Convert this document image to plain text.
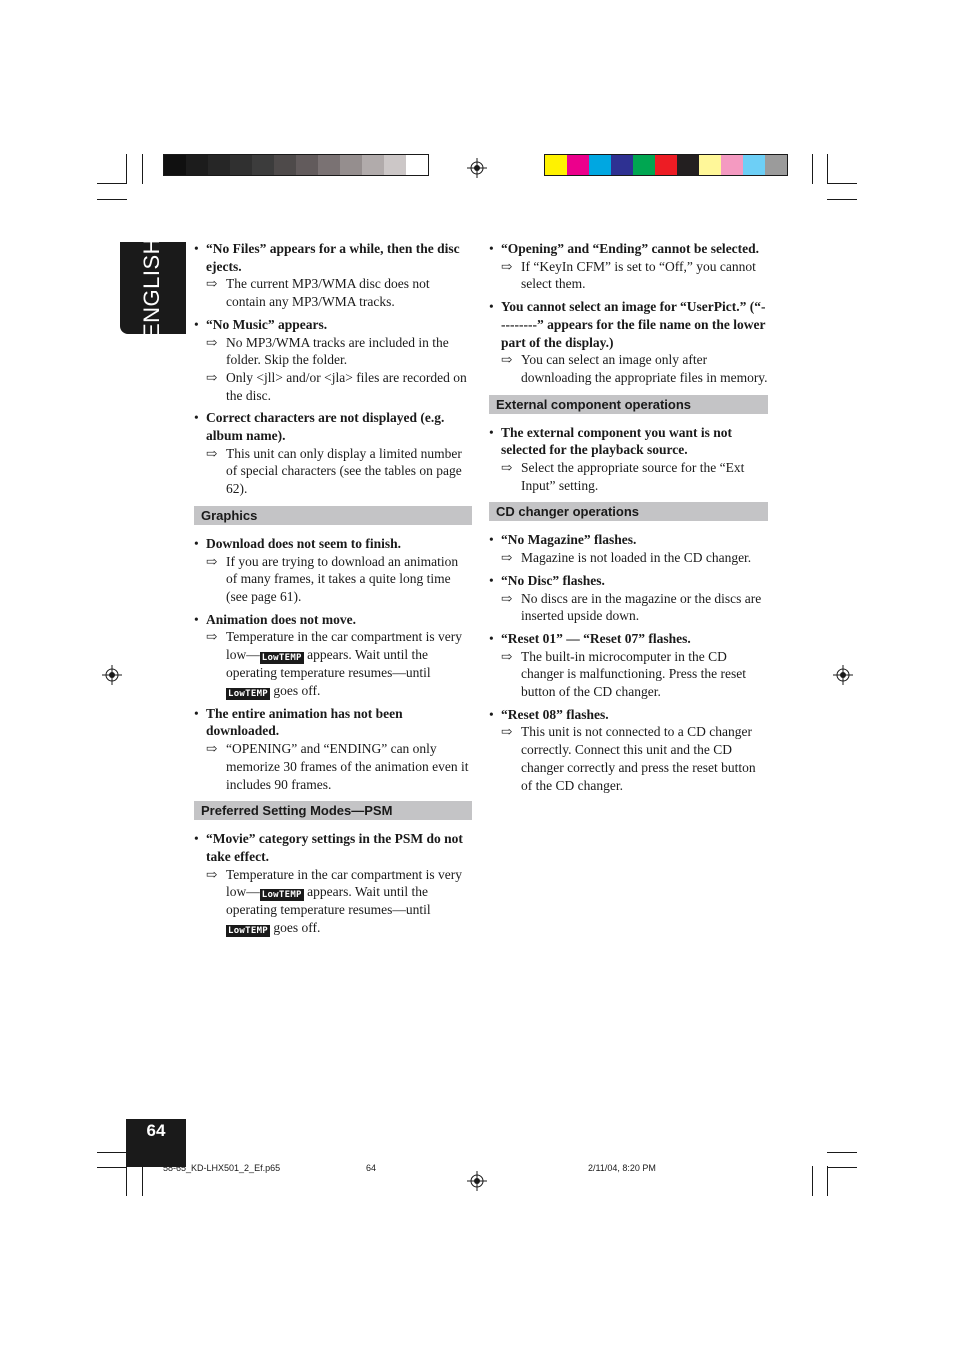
ENGLISH • “No Files” appears for a while, then the disc ejects.
⇨ The current MP3/WMA disc does not contain any MP3/WMA tracks.
• “No Music” appears.
⇨ No MP3/WMA tracks are included in the folder. Skip the folder.
⇨ Only <jll> and/or <jla> files are recorded on the disc.
• Correct characters are not displayed (e.g. album name).
⇨ This unit can only display a limited number of special characters (see the tables on page 62).
Graphics
• Download does not seem to finish.
⇨ If you are trying to download an animation of many frames, it takes a quite long time (see page 61).
• Animation does not move.
⇨ Temperature in the car compartment is very low— LowTEMP appears. Wait until the operating temperature resumes—until LowTEMP goes off.
• The entire animation has not been downloaded.
⇨ “OPENING” and “ENDING” can only memorize 30 frames of the animation even it includes 90 frames.
Preferred Setting Modes—PSM
• “Movie” category settings in the PSM do not take effect.
⇨ Temperature in the car compartment is very low— LowTEMP appears. Wait until the operating temperature resumes—until LowTEMP goes off.
• “Opening” and “Ending” cannot be selected.
⇨ If “KeyIn CFM” is set to “Off,” you cannot select them.
• You cannot select an image for “UserPict.” (“---------” appears for the file name on the lower part of the display.)
⇨ You can select an image only after downloading the appropriate files in memory.
External component operations
• The external component you want is not selected for the playback source.
⇨ Select the appropriate source for the “Ext Input” setting.
CD changer operations
• “No Magazine” flashes.
⇨ Magazine is not loaded in the CD changer.
• “No Disc” flashes.
⇨ No discs are in the magazine or the discs are inserted upside down.
• “Reset 01” — “Reset 07” flashes.
⇨ The built-in microcomputer in the CD changer is malfunctioning. Press the reset button of the CD changer.
• “Reset 08” flashes.
⇨ This unit is not connected to a CD changer correctly. Connect this unit and the CD changer correctly and press the reset button of the CD changer.
64
58-65_KD-LHX501_2_Ef.p65	64	2/11/04, 8:20 PM
